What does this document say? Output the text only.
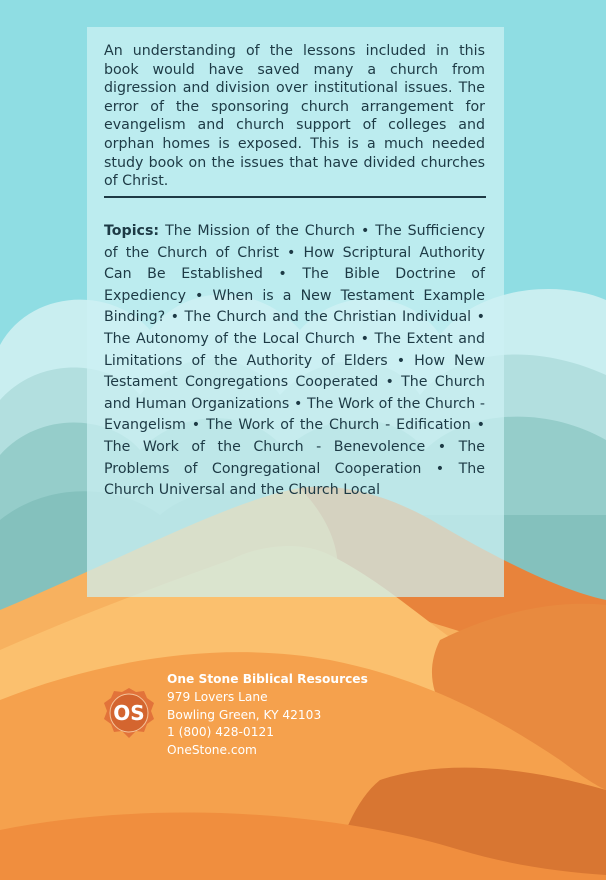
An understanding of the lessons included in this book would have saved many a church from digression and division over institutional issues. The error of the sponsoring church arrangement for evangelism and church support of colleges and orphan homes is exposed. This is a much needed study book on the issues that have divided churches of Christ.

Topics: The Mission of the Church • The Sufficiency of the Church of Christ • How Scriptural Authority Can Be Established • The Bible Doctrine of Expediency • When is a New Testament Example Binding? • The Church and the Christian Individual • The Autonomy of the Local Church • The Extent and Limitations of the Authority of Elders • How New Testament Congregations Cooperated • The Church and Human Organizations • The Work of the Church - Evangelism • The Work of the Church - Edification • The Work of the Church - Benevolence • The Problems of Congregational Cooperation • The Church Universal and the Church Local

OS
One Stone Biblical Resources
979 Lovers Lane
Bowling Green, KY 42103
1 (800) 428-0121
OneStone.com
